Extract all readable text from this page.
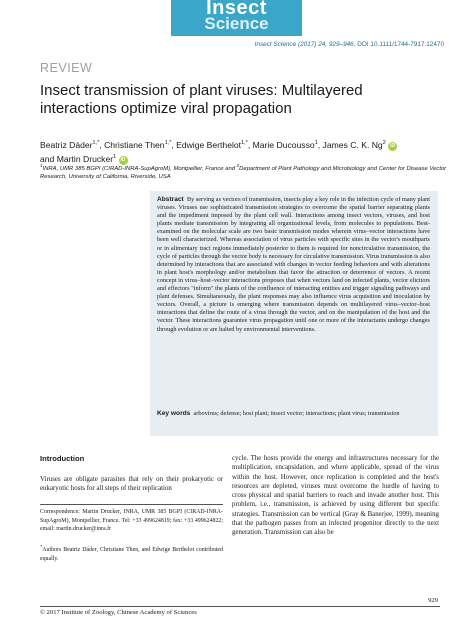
Insect
Science
Insect Science (2017) 24, 929–946, DOI 10.1111/1744-7917.12470
REVIEW
Insect transmission of plant viruses: Multilayered interactions optimize viral propagation
Beatriz Dáder$^{1,*}$, Christiane Then$^{1,*}$, Edwige Berthelot$^{1,*}$, Marie Ducousso$^1$, James C. K. Ng$^2$ iD
and Martin Drucker$^1$ iD
$^1$INRA, UMR 385 BGPI (CIRAD-INRA-SupAgroM), Montpellier, France and $^2$Department of Plant Pathology and Microbiology and Center for Disease Vector Research, University of California, Riverside, USA
Abstract By serving as vectors of transmission, insects play a key role in the infection cycle of many plant viruses. Viruses use sophisticated transmission strategies to overcome the spatial barrier separating plants and the impediment imposed by the plant cell wall. Interactions among insect vectors, viruses, and host plants mediate transmission by integrating all organizational levels, from molecules to populations. Best-examined on the molecular scale are two basic transmission modes wherein virus–vector interactions have been well characterized. Whereas association of virus particles with specific sites in the vector's mouthparts or in alimentary tract regions immediately posterior to them is required for noncirculative transmission, the cycle of particles through the vector body is necessary for circulative transmission. Virus transmission is also determined by interactions that are associated with changes in vector feeding behaviors and with alterations in plant host's morphology and/or metabolism that favor the attraction or deterrence of vectors. A recent concept in virus–host–vector interactions proposes that when vectors land on infected plants, vector elicitors and effectors "inform" the plants of the confluence of interacting entities and trigger signaling pathways and plant defenses. Simultaneously, the plant responses may also influence virus acquisition and inoculation by vectors. Overall, a picture is emerging where transmission depends on multilayered virus–vector–host interactions that define the route of a virus through the vector, and on the manipulation of the host and the vector. These interactions guarantee virus propagation until one or more of the interactants undergo changes through evolution or are halted by environmental interventions.
Key words arbovirus; defense; host plant; insect vector; interactions; plant virus; transmission
Introduction
Viruses are obligate parasites that rely on their prokaryotic or eukaryotic hosts for all steps of their replication
Correspondence: Martin Drucker, INRA, UMR 385 BGPI (CIRAD-INRA-SupAgroM), Montpellier, France. Tel: +33 499624819; fax: +33 499624822; email: martin.drucker@inra.fr
*Authors Beatriz Dáder, Christiane Then, and Edwige Berthelot contributed equally.
cycle. The hosts provide the energy and infrastructures necessary for the multiplication, encapsidation, and where applicable, spread of the virus within the host. However, once replication is completed and the host's resources are depleted, viruses must overcome the hurdle of having to cross physical and spatial barriers to reach and invade another host. This problem, i.e., transmission, is achieved by using different but specific strategies. Transmission can be vertical (Gray & Banerjee, 1999), meaning that the pathogen passes from an infected progenitor directly to the next generation. Transmission can also be
929
© 2017 Institute of Zoology, Chinese Academy of Sciences
